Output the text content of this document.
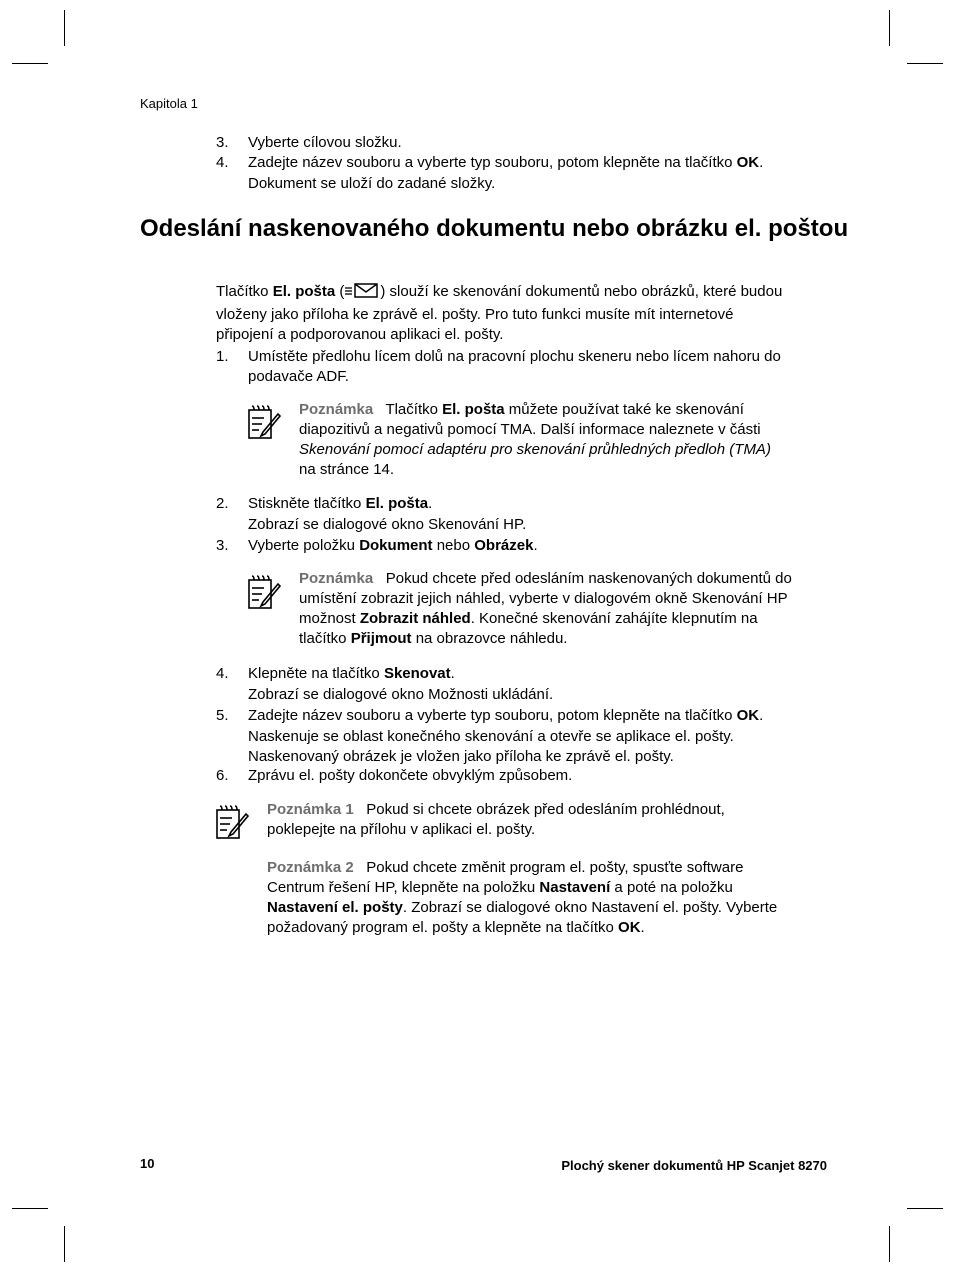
Kapitola 1
3. Vyberte cílovou složku.
4. Zadejte název souboru a vyberte typ souboru, potom klepněte na tlačítko OK.
Dokument se uloží do zadané složky.
Odeslání naskenovaného dokumentu nebo obrázku el. poštou
Tlačítko El. pošta ( ) slouží ke skenování dokumentů nebo obrázků, které budou
vloženy jako příloha ke zprávě el. pošty. Pro tuto funkci musíte mít internetové
připojení a podporovanou aplikaci el. pošty.
1. Umístěte předlohu lícem dolů na pracovní plochu skeneru nebo lícem nahoru do
podavače ADF.
Poznámka Tlačítko El. pošta můžete používat také ke skenování
diapozitivů a negativů pomocí TMA. Další informace naleznete v části
Skenování pomocí adaptéru pro skenování průhledných předloh (TMA)
na stránce 14.
2. Stiskněte tlačítko El. pošta.
Zobrazí se dialogové okno Skenování HP.
3. Vyberte položku Dokument nebo Obrázek.
Poznámka Pokud chcete před odesláním naskenovaných dokumentů do
umístění zobrazit jejich náhled, vyberte v dialogovém okně Skenování HP
možnost Zobrazit náhled. Konečné skenování zahájíte klepnutím na
tlačítko Přijmout na obrazovce náhledu.
4. Klepněte na tlačítko Skenovat.
Zobrazí se dialogové okno Možnosti ukládání.
5. Zadejte název souboru a vyberte typ souboru, potom klepněte na tlačítko OK.
Naskenuje se oblast konečného skenování a otevře se aplikace el. pošty.
Naskenovaný obrázek je vložen jako příloha ke zprávě el. pošty.
6. Zprávu el. pošty dokončete obvyklým způsobem.
Poznámka 1 Pokud si chcete obrázek před odesláním prohlédnout,
poklepejte na přílohu v aplikaci el. pošty.
Poznámka 2 Pokud chcete změnit program el. pošty, spusťte software
Centrum řešení HP, klepněte na položku Nastavení a poté na položku
Nastavení el. pošty. Zobrazí se dialogové okno Nastavení el. pošty. Vyberte
požadovaný program el. pošty a klepněte na tlačítko OK.
10	Plochý skener dokumentů HP Scanjet 8270
